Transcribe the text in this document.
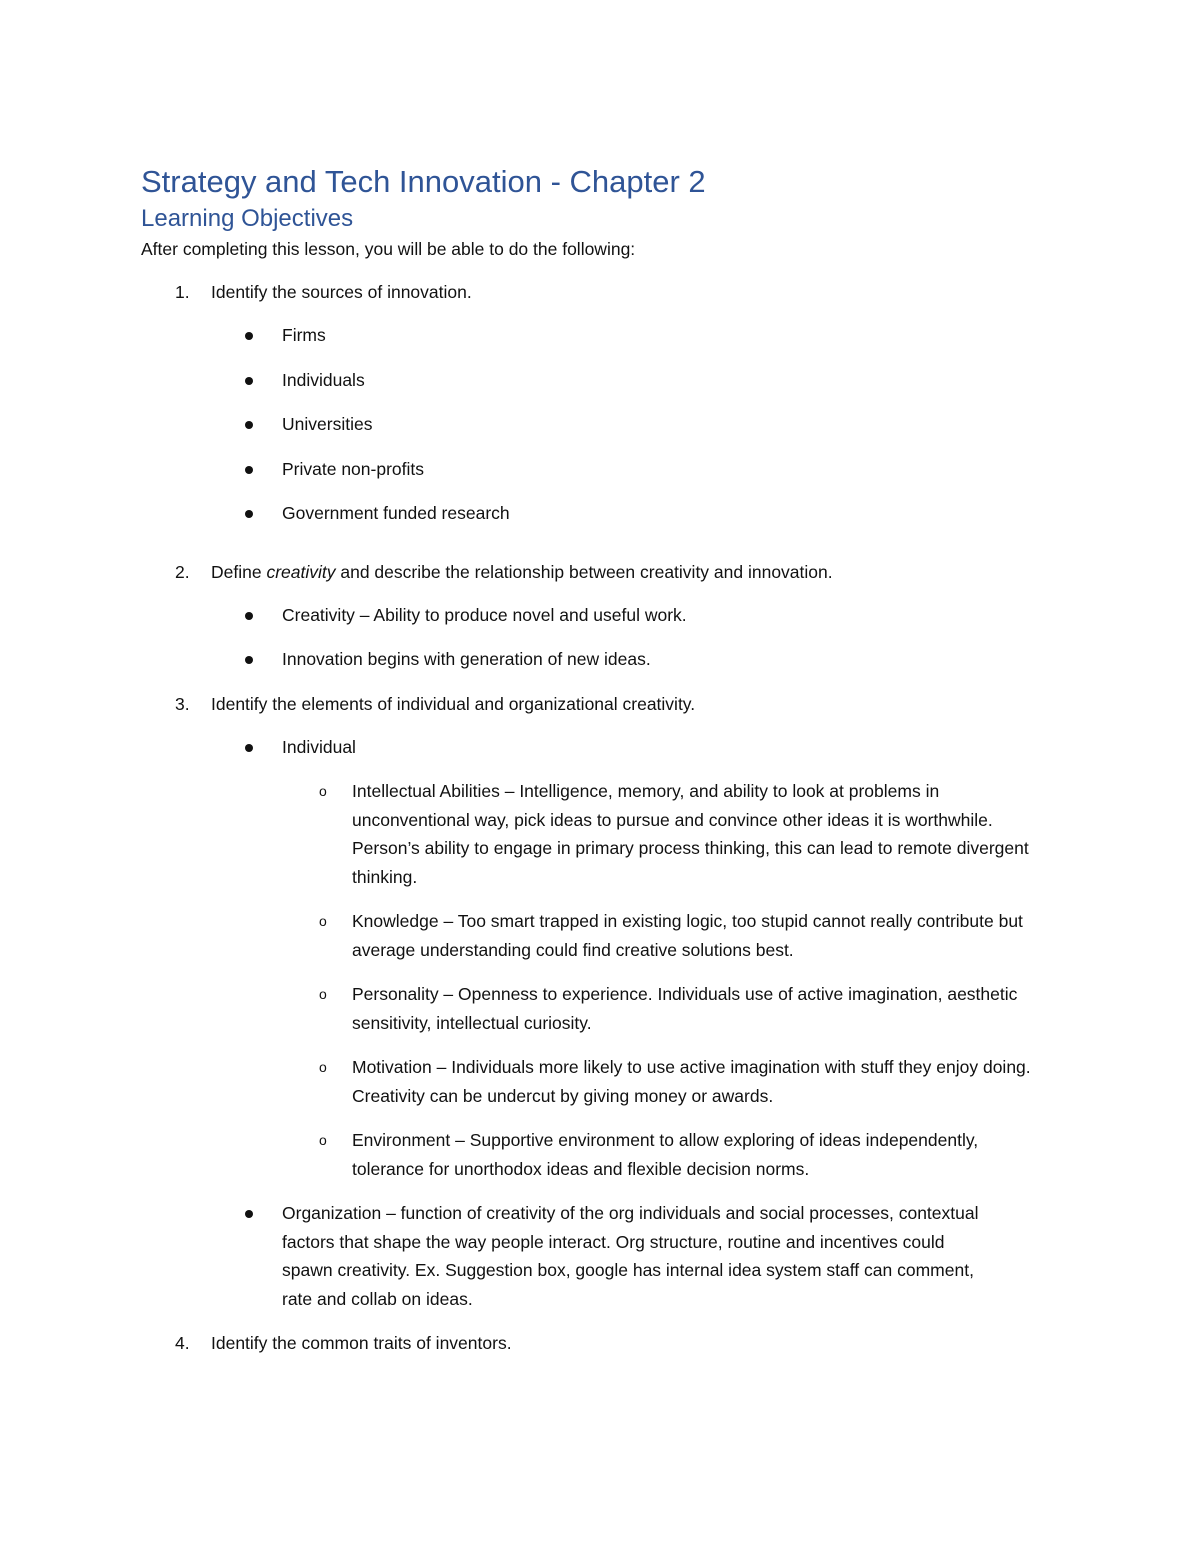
Strategy and Tech Innovation - Chapter 2
Learning Objectives

After completing this lesson, you will be able to do the following:

1. Identify the sources of innovation.
Firms
Individuals
Universities
Private non-profits
Government funded research
2. Define creativity and describe the relationship between creativity and innovation.
Creativity – Ability to produce novel and useful work.
Innovation begins with generation of new ideas.
3. Identify the elements of individual and organizational creativity.
Individual
o Intellectual Abilities – Intelligence, memory, and ability to look at problems in unconventional way, pick ideas to pursue and convince other ideas it is worthwhile. Person’s ability to engage in primary process thinking, this can lead to remote divergent thinking.
o Knowledge – Too smart trapped in existing logic, too stupid cannot really contribute but average understanding could find creative solutions best.
o Personality – Openness to experience. Individuals use of active imagination, aesthetic sensitivity, intellectual curiosity.
o Motivation – Individuals more likely to use active imagination with stuff they enjoy doing. Creativity can be undercut by giving money or awards.
o Environment – Supportive environment to allow exploring of ideas independently, tolerance for unorthodox ideas and flexible decision norms.
Organization – function of creativity of the org individuals and social processes, contextual factors that shape the way people interact. Org structure, routine and incentives could spawn creativity. Ex. Suggestion box, google has internal idea system staff can comment, rate and collab on ideas.
4. Identify the common traits of inventors.
